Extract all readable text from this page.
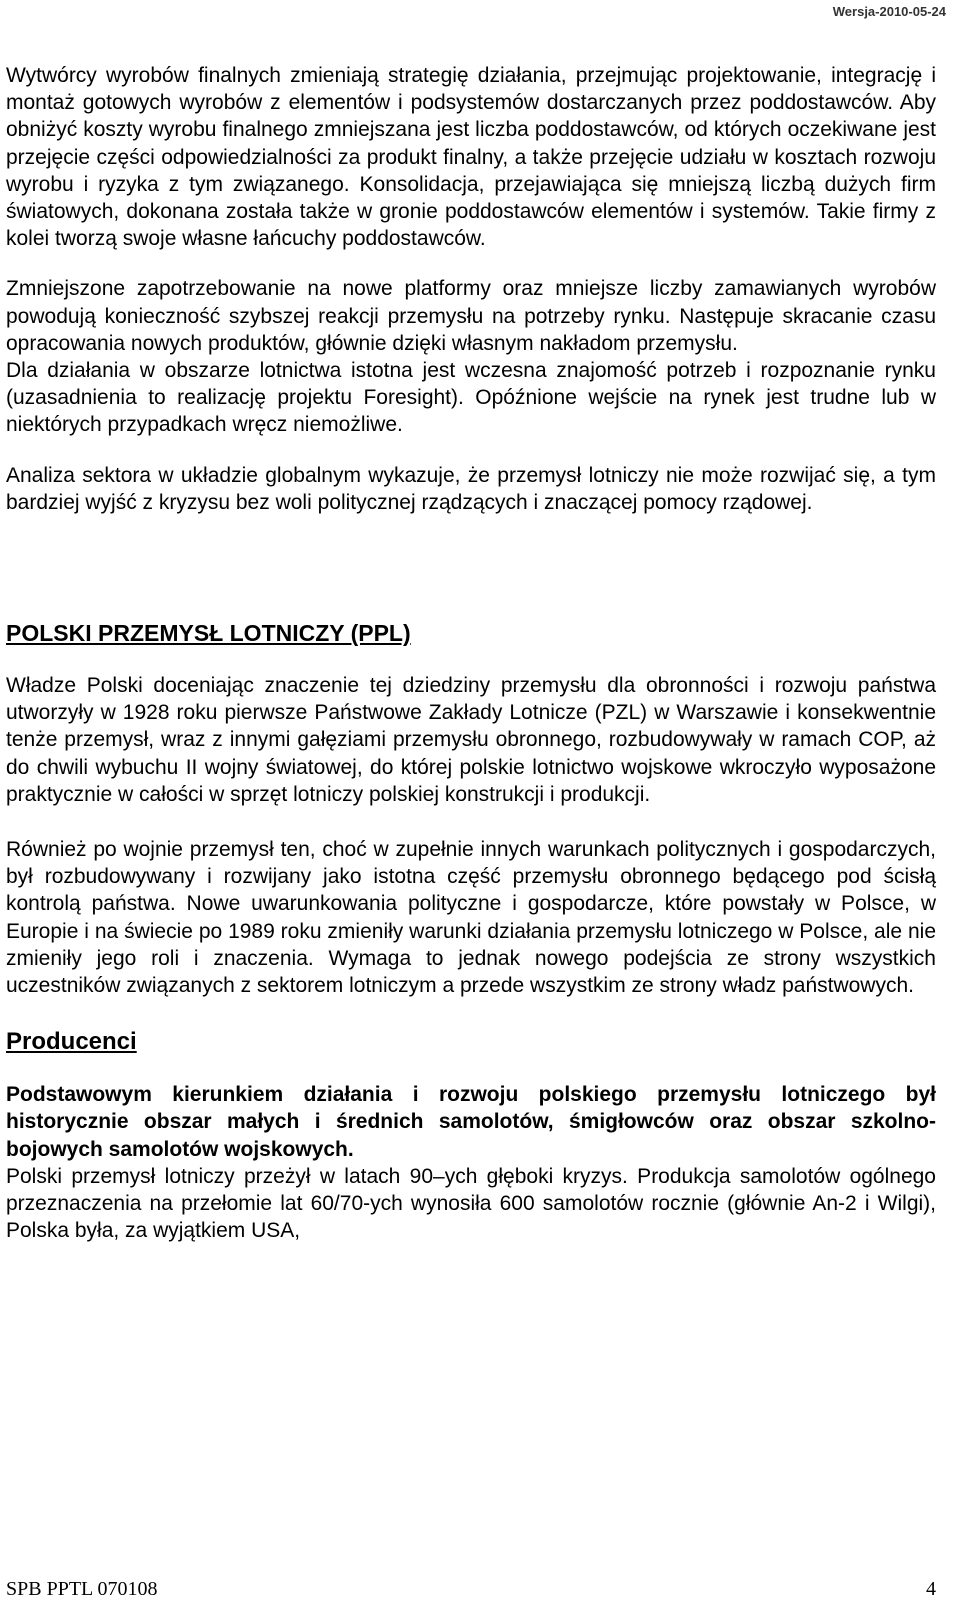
Wersja-2010-05-24

Wytwórcy wyrobów finalnych zmieniają strategię działania, przejmując projektowanie, integrację i montaż gotowych wyrobów z elementów i podsystemów dostarczanych przez poddostawców. Aby obniżyć koszty wyrobu finalnego zmniejszana jest liczba poddostawców, od których oczekiwane jest przejęcie części odpowiedzialności za produkt finalny, a także przejęcie udziału w kosztach rozwoju wyrobu i ryzyka z tym związanego. Konsolidacja, przejawiająca się mniejszą liczbą dużych firm światowych, dokonana została także w gronie poddostawców elementów i systemów. Takie firmy z kolei tworzą swoje własne łańcuchy poddostawców.

Zmniejszone zapotrzebowanie na nowe platformy oraz mniejsze liczby zamawianych wyrobów powodują konieczność szybszej reakcji przemysłu na potrzeby rynku. Następuje skracanie czasu opracowania nowych produktów, głównie dzięki własnym nakładom przemysłu.

Dla działania w obszarze lotnictwa istotna jest wczesna znajomość potrzeb i rozpoznanie rynku (uzasadnienia to realizację projektu Foresight). Opóźnione wejście na rynek jest trudne lub w niektórych przypadkach wręcz niemożliwe.

Analiza sektora w układzie globalnym wykazuje, że przemysł lotniczy nie może rozwijać się, a tym bardziej wyjść z kryzysu bez woli politycznej rządzących i znaczącej pomocy rządowej.

POLSKI PRZEMYSŁ LOTNICZY (PPL)

Władze Polski doceniając znaczenie tej dziedziny przemysłu dla obronności i rozwoju państwa utworzyły w 1928 roku pierwsze Państwowe Zakłady Lotnicze (PZL) w Warszawie i konsekwentnie tenże przemysł, wraz z innymi gałęziami przemysłu obronnego, rozbudowywały w ramach COP, aż do chwili wybuchu II wojny światowej, do której polskie lotnictwo wojskowe wkroczyło wyposażone praktycznie w całości w sprzęt lotniczy polskiej konstrukcji i produkcji.

Również po wojnie przemysł ten, choć w zupełnie innych warunkach politycznych i gospodarczych, był rozbudowywany i rozwijany jako istotna część przemysłu obronnego będącego pod ścisłą kontrolą państwa. Nowe uwarunkowania polityczne i gospodarcze, które powstały w Polsce, w Europie i na świecie po 1989 roku zmieniły warunki działania przemysłu lotniczego w Polsce, ale nie zmieniły jego roli i znaczenia. Wymaga to jednak nowego podejścia ze strony wszystkich uczestników związanych z sektorem lotniczym a przede wszystkim ze strony władz państwowych.

Producenci

Podstawowym kierunkiem działania i rozwoju polskiego przemysłu lotniczego był historycznie obszar małych i średnich samolotów, śmigłowców oraz obszar szkolno-bojowych samolotów wojskowych.

Polski przemysł lotniczy przeżył w latach 90–ych głęboki kryzys. Produkcja samolotów ogólnego przeznaczenia na przełomie lat 60/70-ych wynosiła 600 samolotów rocznie (głównie An-2 i Wilgi), Polska była, za wyjątkiem USA,

SPB PPTL 070108	4
